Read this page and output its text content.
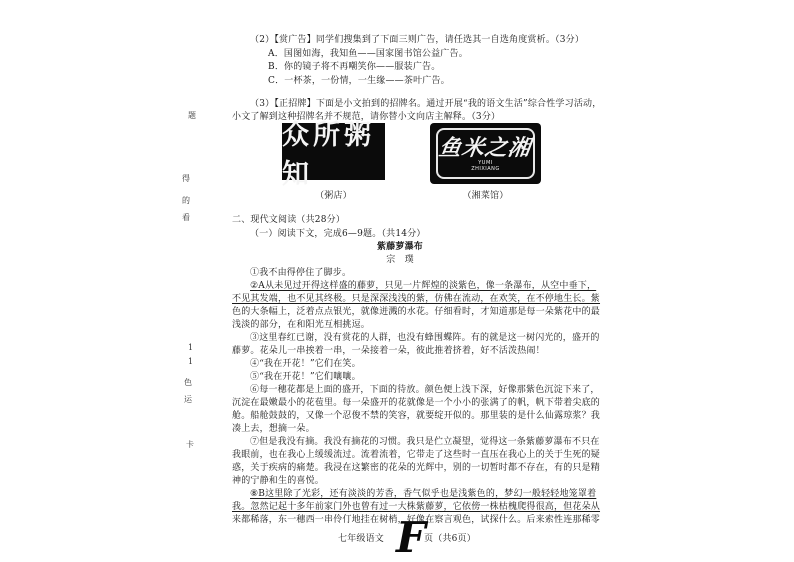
题
得
的
看
1
1
色
运
卡
（2）【赏广告】同学们搜集到了下面三则广告，请任选其一自选角度赏析。（3分）
A．国图如海，我知鱼——国家图书馆公益广告。
B．你的镜子将不再嘲笑你——服装广告。
C．一杯茶，一份情，一生缘——茶叶广告。
（3）【正招牌】下面是小文拍到的招牌名。通过开展“我的语文生活”综合性学习活动，
小文了解到这种招牌名并不规范，请你替小文向店主解释。（3分）
众所粥知
（粥店）
鱼米之湘
YUMI
ZHIXIANG
（湘菜馆）
二、现代文阅读（共28分）
（一）阅读下文，完成6—9题。（共14分）
紫藤萝瀑布
宗　璞
①我不由得停住了脚步。
②A从未见过开得这样盛的藤萝，只见一片辉煌的淡紫色，像一条瀑布，从空中垂下，
不见其发端，也不见其终极。只是深深浅浅的紫，仿佛在流动，在欢笑，在不停地生长。紫
色的大条幅上，泛着点点银光，就像迸溅的水花。仔细看时，才知道那是每一朵紫花中的最
浅淡的部分，在和阳光互相挑逗。
③这里春红已谢，没有赏花的人群，也没有蜂围蝶阵。有的就是这一树闪光的，盛开的
藤萝。花朵儿一串挨着一串，一朵接着一朵，彼此推着挤着，好不活泼热闹！
④“我在开花！”它们在笑。
⑤“我在开花！”它们嚷嚷。
⑥每一穗花都是上面的盛开，下面的待放。颜色便上浅下深，好像那紫色沉淀下来了，
沉淀在最嫩最小的花苞里。每一朵盛开的花就像是一个小小的张满了的帆，帆下带着尖底的
舱。船舱鼓鼓的，又像一个忍俊不禁的笑容，就要绽开似的。那里装的是什么仙露琼浆？我
凑上去，想摘一朵。
⑦但是我没有摘。我没有摘花的习惯。我只是伫立凝望，觉得这一条紫藤萝瀑布不只在
我眼前，也在我心上缓缓流过。流着流着，它带走了这些时一直压在我心上的关于生死的疑
惑，关于疾病的痛楚。我浸在这繁密的花朵的光辉中，别的一切暂时都不存在，有的只是精
神的宁静和生的喜悦。
⑧B这里除了光彩，还有淡淡的芳香，香气似乎也是浅紫色的，梦幻一般轻轻地笼罩着
我。忽然记起十多年前家门外也曾有过一大株紫藤萝，它依傍一株枯槐爬得很高，但花朵从
来都稀落，东一穗西一串伶仃地挂在树梢，好像在察言观色，试探什么。后来索性连那稀零
七年级语文 F
页（共6页）
